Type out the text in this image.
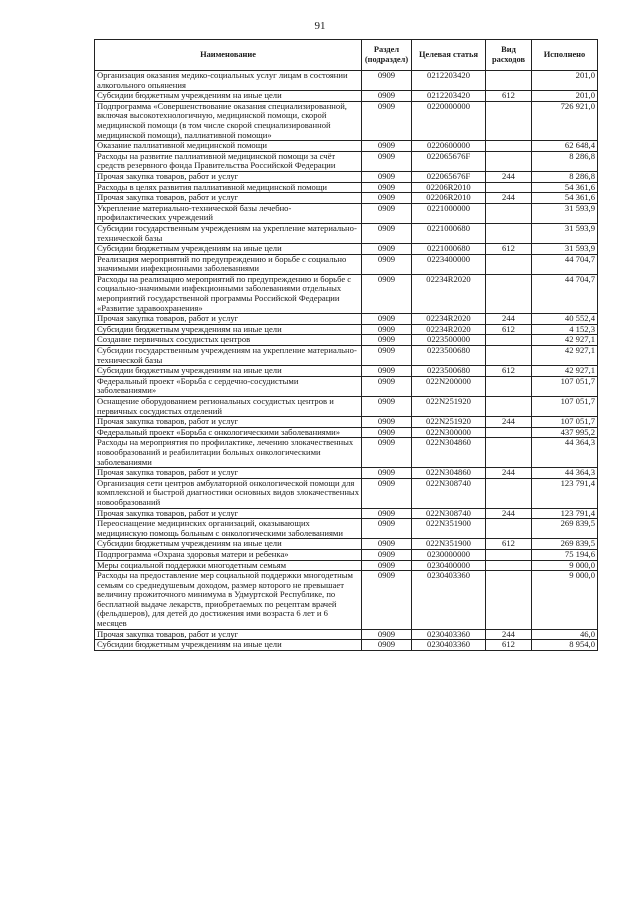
91
Наименование	Раздел (подраздел)	Целевая статья	Вид расходов	Исполнено
Организация оказания медико-социальных услуг лицам в состоянии алкогольного опьянения	0909	0212203420		201,0
Субсидии бюджетным учреждениям на иные цели	0909	0212203420	612	201,0
Подпрограмма «Совершенствование оказания специализированной, включая высокотехнологичную, медицинской помощи, скорой медицинской помощи (в том числе скорой специализированной медицинской помощи), паллиативной помощи»	0909	0220000000		726 921,0
Оказание паллиативной медицинской помощи	0909	0220600000		62 648,4
Расходы на развитие паллиативной медицинской помощи за счёт средств резервного фонда Правительства Российской Федерации	0909	022065676F		8 286,8
Прочая закупка товаров, работ и услуг	0909	022065676F	244	8 286,8
Расходы в целях развития паллиативной медицинской помощи	0909	02206R2010		54 361,6
Прочая закупка товаров, работ и услуг	0909	02206R2010	244	54 361,6
Укрепление материально-технической базы лечебно-профилактических учреждений	0909	0221000000		31 593,9
Субсидии государственным учреждениям на укрепление материально-технической базы	0909	0221000680		31 593,9
Субсидии бюджетным учреждениям на иные цели	0909	0221000680	612	31 593,9
Реализация мероприятий по предупреждению и борьбе с социально значимыми инфекционными заболеваниями	0909	0223400000		44 704,7
Расходы на реализацию мероприятий по предупреждению и борьбе с социально-значимыми инфекционными заболеваниями отдельных мероприятий государственной программы Российской Федерации «Развитие здравоохранения»	0909	02234R2020		44 704,7
Прочая закупка товаров, работ и услуг	0909	02234R2020	244	40 552,4
Субсидии бюджетным учреждениям на иные цели	0909	02234R2020	612	4 152,3
Создание первичных сосудистых центров	0909	0223500000		42 927,1
Субсидии государственным учреждениям на укрепление материально-технической базы	0909	0223500680		42 927,1
Субсидии бюджетным учреждениям на иные цели	0909	0223500680	612	42 927,1
Федеральный проект «Борьба с сердечно-сосудистыми заболеваниями»	0909	022N200000		107 051,7
Оснащение оборудованием региональных сосудистых центров и первичных сосудистых отделений	0909	022N251920		107 051,7
Прочая закупка товаров, работ и услуг	0909	022N251920	244	107 051,7
Федеральный проект «Борьба с онкологическими заболеваниями»	0909	022N300000		437 995,2
Расходы на мероприятия по профилактике, лечению злокачественных новообразований и реабилитации больных онкологическими заболеваниями	0909	022N304860		44 364,3
Прочая закупка товаров, работ и услуг	0909	022N304860	244	44 364,3
Организация сети центров амбулаторной онкологической помощи для комплексной и быстрой диагностики основных видов злокачественных новообразований	0909	022N308740		123 791,4
Прочая закупка товаров, работ и услуг	0909	022N308740	244	123 791,4
Переоснащение медицинских организаций, оказывающих медицинскую помощь больным с онкологическими заболеваниями	0909	022N351900		269 839,5
Субсидии бюджетным учреждениям на иные цели	0909	022N351900	612	269 839,5
Подпрограмма «Охрана здоровья матери и ребенка»	0909	0230000000		75 194,6
Меры социальной поддержки многодетным семьям	0909	0230400000		9 000,0
Расходы на предоставление мер социальной поддержки многодетным семьям со среднедушевым доходом, размер которого не превышает величину прожиточного минимума в Удмуртской Республике, по бесплатной выдаче лекарств, приобретаемых по рецептам врачей (фельдшеров), для детей до достижения ими возраста 6 лет и 6 месяцев	0909	0230403360		9 000,0
Прочая закупка товаров, работ и услуг	0909	0230403360	244	46,0
Субсидии бюджетным учреждениям на иные цели	0909	0230403360	612	8 954,0
